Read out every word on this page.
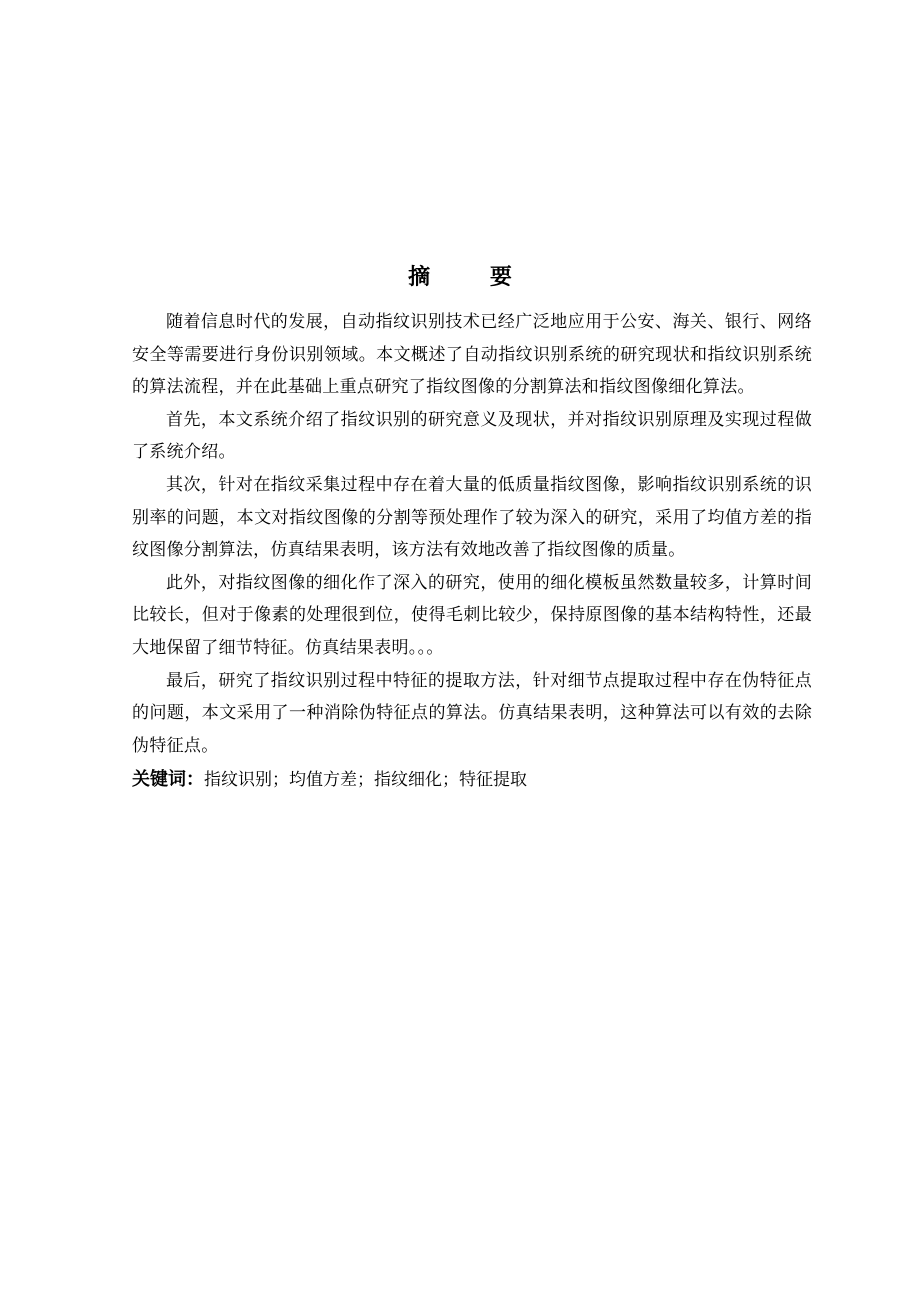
摘 要

随着信息时代的发展，自动指纹识别技术已经广泛地应用于公安、海关、银行、网络安全等需要进行身份识别领域。本文概述了自动指纹识别系统的研究现状和指纹识别系统的算法流程，并在此基础上重点研究了指纹图像的分割算法和指纹图像细化算法。

首先，本文系统介绍了指纹识别的研究意义及现状，并对指纹识别原理及实现过程做了系统介绍。

其次，针对在指纹采集过程中存在着大量的低质量指纹图像，影响指纹识别系统的识别率的问题，本文对指纹图像的分割等预处理作了较为深入的研究，采用了均值方差的指纹图像分割算法，仿真结果表明，该方法有效地改善了指纹图像的质量。

此外，对指纹图像的细化作了深入的研究，使用的细化模板虽然数量较多，计算时间比较长，但对于像素的处理很到位，使得毛刺比较少，保持原图像的基本结构特性，还最大地保留了细节特征。仿真结果表明。。。

最后，研究了指纹识别过程中特征的提取方法，针对细节点提取过程中存在伪特征点的问题，本文采用了一种消除伪特征点的算法。仿真结果表明，这种算法可以有效的去除伪特征点。

关键词：指纹识别；均值方差；指纹细化；特征提取
